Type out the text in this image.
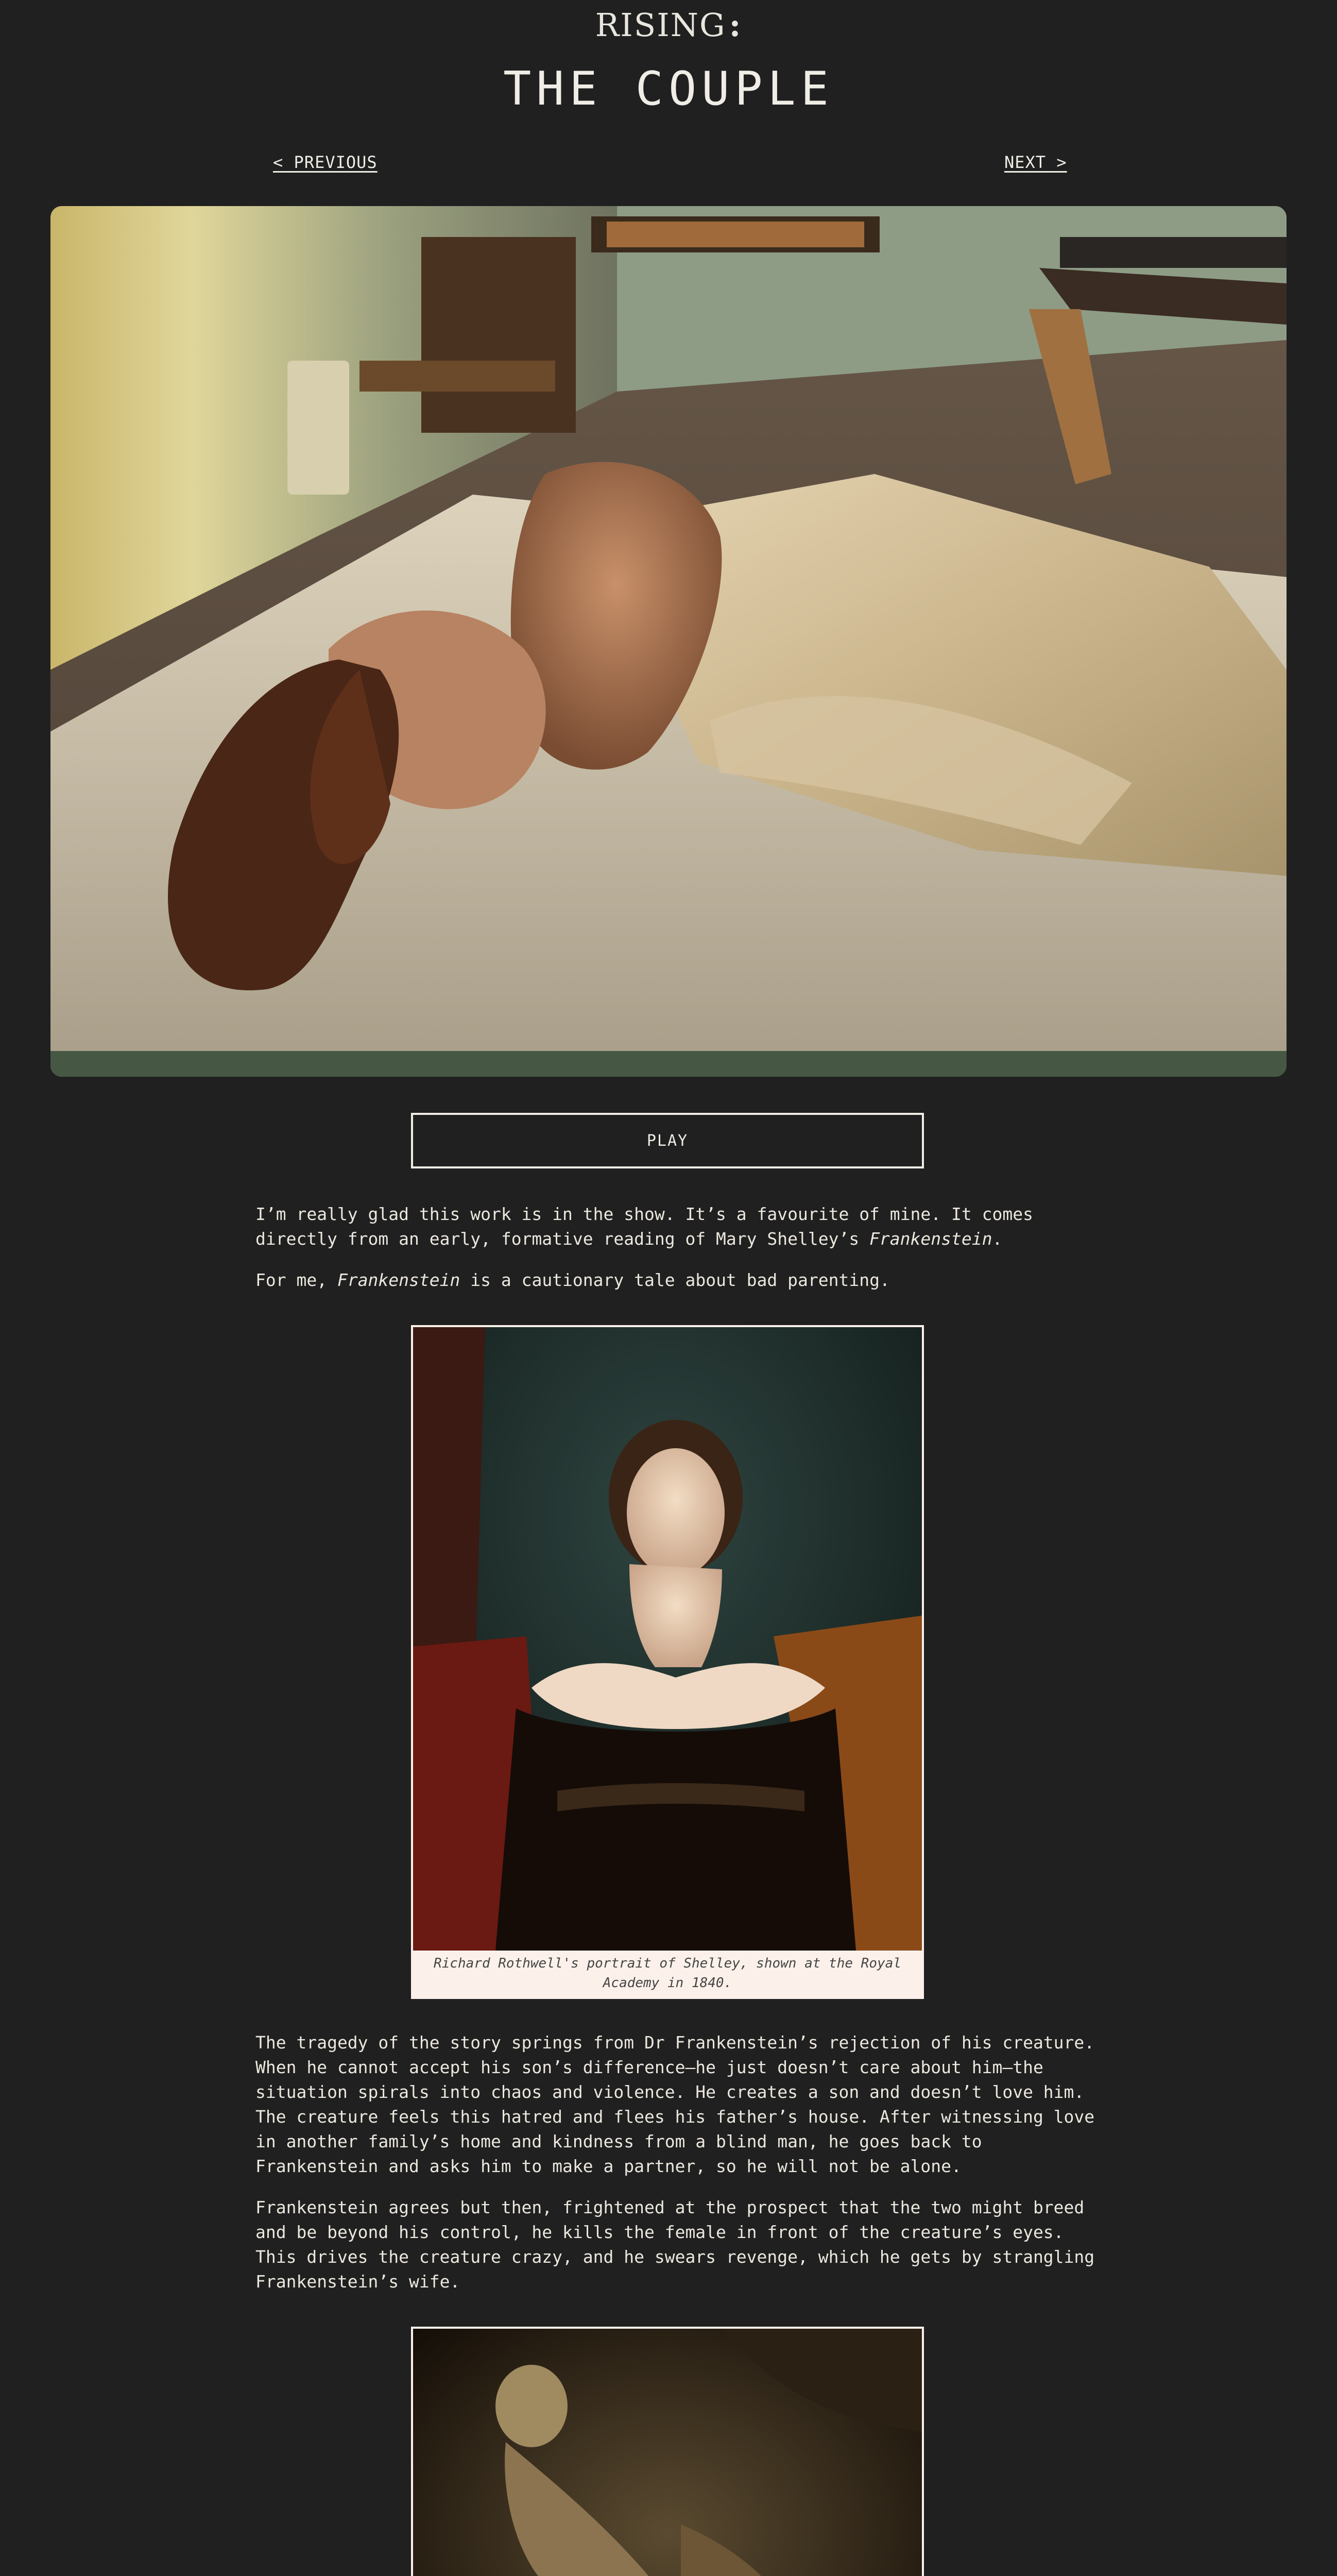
RISING:
THE COUPLE
< PREVIOUS	NEXT >
PLAY

I’m really glad this work is in the show. It’s a favourite of mine. It comes directly from an early, formative reading of Mary Shelley’s Frankenstein.

For me, Frankenstein is a cautionary tale about bad parenting.

Richard Rothwell's portrait of Shelley, shown at the Royal Academy in 1840.

The tragedy of the story springs from Dr Frankenstein’s rejection of his creature. When he cannot accept his son’s difference—he just doesn’t care about him—the situation spirals into chaos and violence. He creates a son and doesn’t love him. The creature feels this hatred and flees his father’s house. After witnessing love in another family’s home and kindness from a blind man, he goes back to Frankenstein and asks him to make a partner, so he will not be alone.

Frankenstein agrees but then, frightened at the prospect that the two might breed and be beyond his control, he kills the female in front of the creature’s eyes. This drives the creature crazy, and he swears revenge, which he gets by strangling Frankenstein’s wife.
